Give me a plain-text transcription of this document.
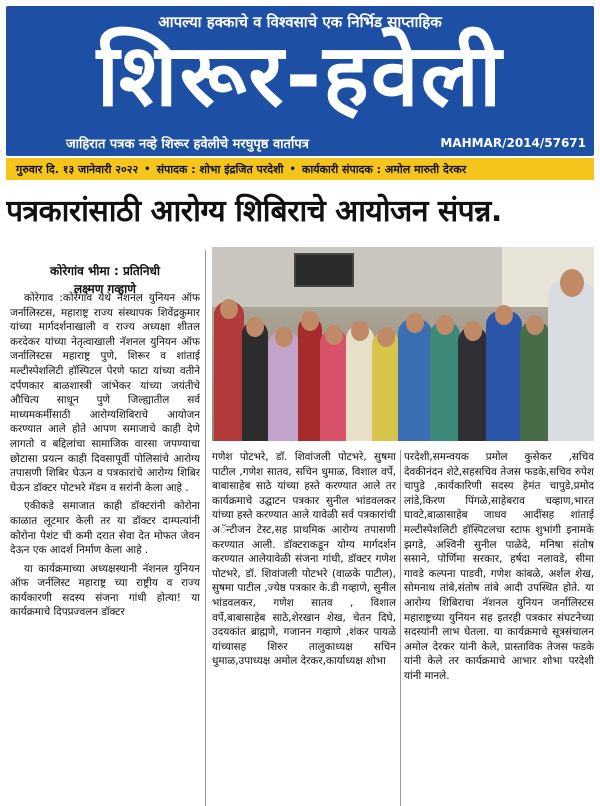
आपल्या हक्काचे व विश्वसाचे एक निर्भिड साप्ताहिक
शिरूर-हवेली
जाहिरात पत्रक नव्हे शिरूर हवेलीचे मरघुपृष्ठ वार्तापत्र	MAHMAR/2014/57671
गुरुवार दि. १३ जानेवारी २०२२ • संपादक : शोभा इंद्रजित परदेशी • कार्यकारी संपादक : अमोल मारुती देरकर
पत्रकारांसाठी आरोग्य शिबिराचे आयोजन संपन्न.
कोरेगांव भीमा : प्रतिनिधी
लक्ष्मण गव्हाणे

कोरेगाव :कोरेगाव येथे नॅशनल युनियन ऑफ जर्नालिस्टस, महाराष्ट्र राज्य संस्थापक शिवेंद्रकुमार यांच्या मार्गदर्शनाखाली व राज्य अध्यक्षा शीतल करदेकर यांच्या नेतृत्वाखाली नॅशनल युनियन ऑफ जर्नालिस्टस महाराष्ट्र पुणे, शिरूर व शांताई मल्टीस्पेशलिटी हॉस्पिटल पेरणे फाटा यांच्या वतीने दर्पणकार बाळशास्त्री जांभेकर यांच्या जयंतीचे औचित्य साधून पुणे जिल्ह्यातील सर्व माध्यमकर्मीसाठी आरोग्यशिबिराचे आयोजन करण्यात आले होते आपण समाजाचे काही देणे लागतो व बद्दिलांचा सामाजिक वारसा जपण्याचा छोटासा प्रयत्न काही दिवसापूर्वी पोलिसांचे आरोग्य तपासणी शिबिर घेऊन व पत्रकारांचे आरोग्य शिबिर घेऊन डॉक्टर पोटभरे मॅडम व सरांनी केला आहे .

एकीकडे समाजात काही डॉक्टरांनी कोरोना काळात लूटमार केली तर या डॉक्टर दाम्पत्यांनी कोरोना पेशंट ची कमी दरात सेवा देत मोफत जेवन देऊन एक आदर्श निर्माण केला आहे .

या कार्यक्रमाच्या अध्यक्षस्थानी नॅशनल युनियन ऑफ जर्नलिस्ट महाराष्ट्र च्या राष्ट्रीय व राज्य कार्यकारणी सदस्य संजना गांधी होत्या! या कार्यक्रमाचे दिपप्रज्वलन डॉक्टर

गणेश पोटभरे, डॉ. शिवांजली पोटभरे, सुषमा पाटील ,गणेश सातव, सचिन धुमाळ, विशाल वर्पे, बाबासाहेब साठे यांच्या हस्ते करण्यात आले तर कार्यक्रमाचे उद्घाटन पत्रकार सुनील भांडवलकर यांच्या हस्ते करण्यात आले यावेळी सर्व पत्रकारांची अॅन्टीजन टेस्ट,सह प्राथमिक आरोग्य तपासणी करण्यात आली. डॉक्टराकडून योग्य मार्गदर्शन करण्यात आलेयावेळी संजना गांधी, डॉक्टर गणेश पोटभरे, डॉ. शिवांजली पोटभरे (वाळके पाटील), सुषमा पाटील ,ज्येष्ठ पत्रकार के.डी गव्हाणे, सुनील भांडवलकर, गणेश सातव , विशाल वर्पे,बाबासाहेब साठे,शेरखान शेख, चेतन दिघे, उदयकांत ब्राह्मणे, गजानन गव्हाणे ,शंकर पायळे यांच्यासह शिरुर तालुकाध्यक्ष सचिन धुमाळ,उपाध्यक्ष अमोल देरकर,कार्याध्यक्ष शोभा
परदेशी,समन्वयक प्रमोल कुसेकर ,सचिव देवकीनंदन शेटे,सहसचिव तेजस फडके,सचिव रुपेश चापुडे ,कार्यकारिणी सदस्य हेमंत चापुडे,प्रमोद लांडे,किरण पिंगळे,साहेबराव चव्हाण,भारत घावटे,बाळासाहेब जाधव आदींसह शांताई मल्टीस्पेशलिटी हॉस्पिटलचा स्टाफ शुभांगी इनामके झगडे, अश्विनी सुनील पाळेदे, मनिषा संतोष ससाने, पोर्णिमा सरकार, हर्षदा नलावडे, सीमा गावडे कल्पना पाडवी, गणेश कांबळे, अर्शल शेख, सोमनाथ तांबे,संतोष तांबे आदी उपस्थित होते. या आरोग्य शिबिराचा नॅशनल युनियन जर्नालिस्टस महाराष्ट्रच्या युनियन सह इतरही पत्रकार संघटनेच्या सदस्यांनी लाभ घेतला. या कार्यक्रमाचे सूत्रसंचालन अमोल देरकर यांनी केले, प्रास्ताविक तेजस फडके यांनी केले तर कार्यक्रमाचे आभार शोभा परदेशी यांनी मानले.
